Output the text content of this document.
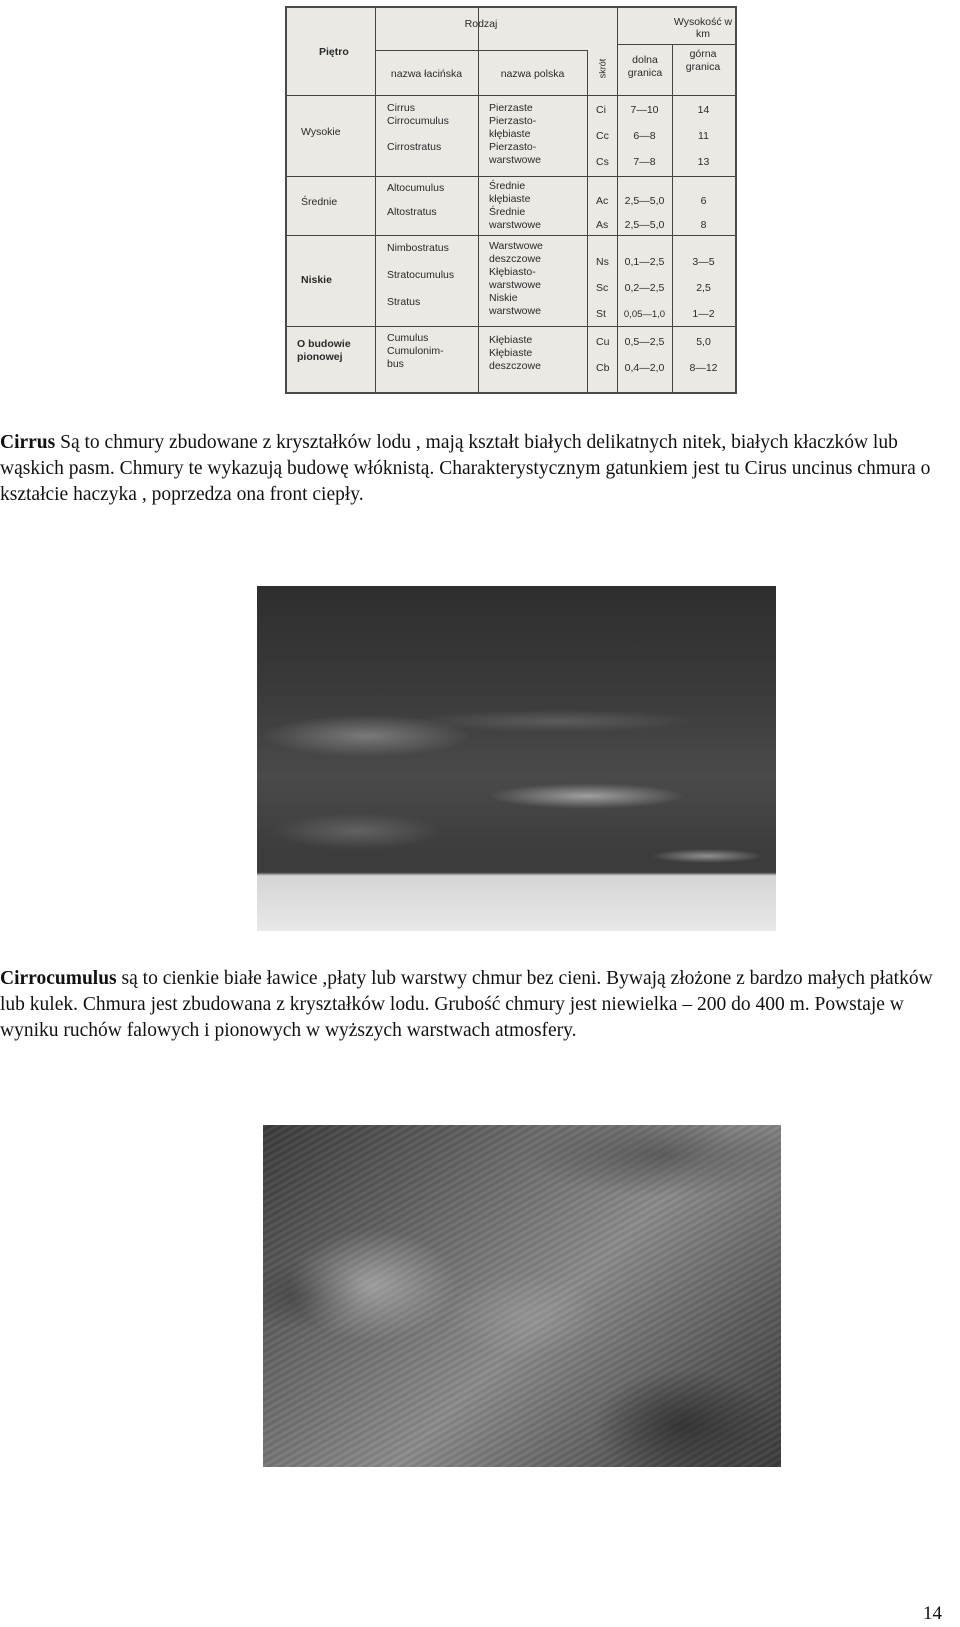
Piętro
Rodzaj
nazwa łacińska	nazwa polska	skrót
Wysokość w km
dolna granica
górna granica
Wysokie
Cirrus
Cirrocumulus
Cirrostratus
Pierzaste
Pierzasto-
kłębiaste
Pierzasto-
warstwowe
Ci
Cc
Cs
7—10
6—8
7—8
14
11
13
Średnie
Altocumulus
Altostratus
Średnie
kłębiaste
Średnie
warstwowe
Ac
As
2,5—5,0
2,5—5,0
6
8
Niskie
Nimbostratus
Stratocumulus
Stratus
Warstwowe
deszczowe
Kłębiasto-
warstwowe
Niskie
warstwowe
Ns
Sc
St
0,1—2,5
0,2—2,5
0,05—1,0
3—5
2,5
1—2
O budowie pionowej
Cumulus
Cumulonim-
bus
Kłębiaste
Kłębiaste
deszczowe
Cu
Cb
0,5—2,5
0,4—2,0
5,0
8—12

Cirrus Są to chmury zbudowane z kryształków lodu , mają kształt białych delikatnych nitek, białych kłaczków lub wąskich pasm. Chmury te wykazują budowę włóknistą. Charakterystycznym gatunkiem jest tu Cirus uncinus chmura o kształcie haczyka , poprzedza ona front ciepły.

Cirrocumulus są to cienkie białe ławice ,płaty lub warstwy chmur bez cieni. Bywają złożone z bardzo małych płatków lub kulek. Chmura jest zbudowana z kryształków lodu. Grubość chmury jest niewielka – 200 do 400 m. Powstaje w wyniku ruchów falowych i pionowych w wyższych warstwach atmosfery.

14
